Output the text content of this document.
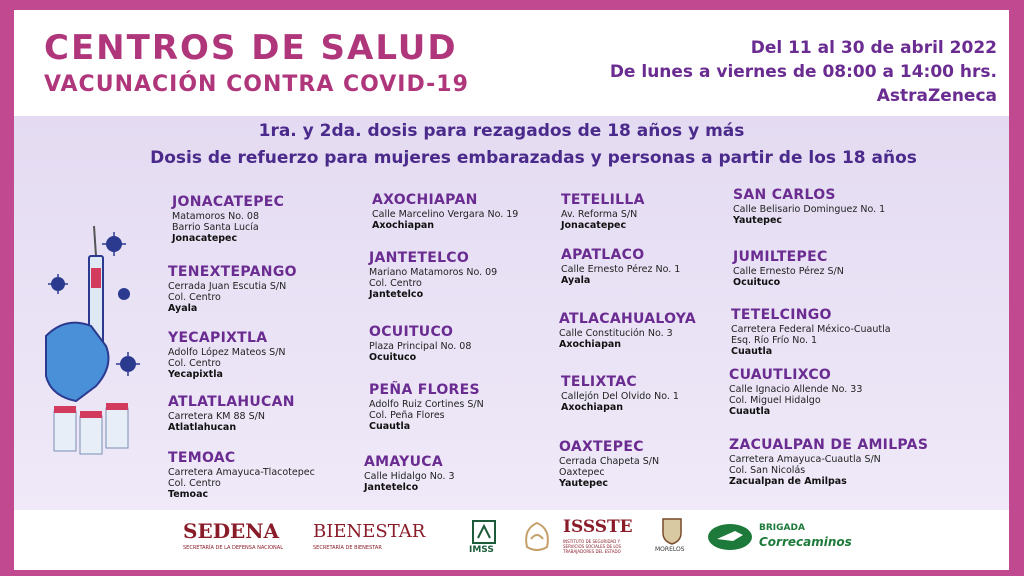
CENTROS DE SALUD
VACUNACIÓN CONTRA COVID-19
Del 11 al 30 de abril 2022
De lunes a viernes de 08:00 a 14:00 hrs.
AstraZeneca
1ra. y 2da. dosis para rezagados de 18 años y más
Dosis de refuerzo para mujeres embarazadas y personas a partir de los 18 años
JONACATEPEC
Matamoros No. 08
Barrio Santa Lucía
Jonacatepec
TENEXTEPANGO
Cerrada Juan Escutia S/N
Col. Centro
Ayala
YECAPIXTLA
Adolfo López Mateos S/N
Col. Centro
Yecapixtla
ATLATLAHUCAN
Carretera KM 88 S/N
Atlatlahucan
TEMOAC
Carretera Amayuca-Tlacotepec
Col. Centro
Temoac
AXOCHIAPAN
Calle Marcelino Vergara No. 19
Axochiapan
JANTETELCO
Mariano Matamoros No. 09
Col. Centro
Jantetelco
OCUITUCO
Plaza Principal No. 08
Ocuituco
PEÑA FLORES
Adolfo Ruiz Cortines S/N
Col. Peña Flores
Cuautla
AMAYUCA
Calle Hidalgo No. 3
Jantetelco
TETELILLA
Av. Reforma S/N
Jonacatepec
APATLACO
Calle Ernesto Pérez No. 1
Ayala
ATLACAHUALOYA
Calle Constitución No. 3
Axochiapan
TELIXTAC
Callejón Del Olvido No. 1
Axochiapan
OAXTEPEC
Cerrada Chapeta S/N
Oaxtepec
Yautepec
SAN CARLOS
Calle Belisario Dominguez No. 1
Yautepec
JUMILTEPEC
Calle Ernesto Pérez S/N
Ocuituco
TETELCINGO
Carretera Federal México-Cuautla
Esq. Río Frío No. 1
Cuautla
CUAUTLIXCO
Calle Ignacio Allende No. 33
Col. Miguel Hidalgo
Cuautla
ZACUALPAN DE AMILPAS
Carretera Amayuca-Cuautla S/N
Col. San Nicolás
Zacualpan de Amilpas
SEDENA
SECRETARÍA DE LA DEFENSA NACIONAL
BIENESTAR
SECRETARÍA DE BIENESTAR	IMSS
ISSSTE
INSTITUTO DE SEGURIDAD Y SERVICIOS SOCIALES DE LOS TRABAJADORES DEL ESTADO	MORELOS
BRIGADA
Correcaminos
